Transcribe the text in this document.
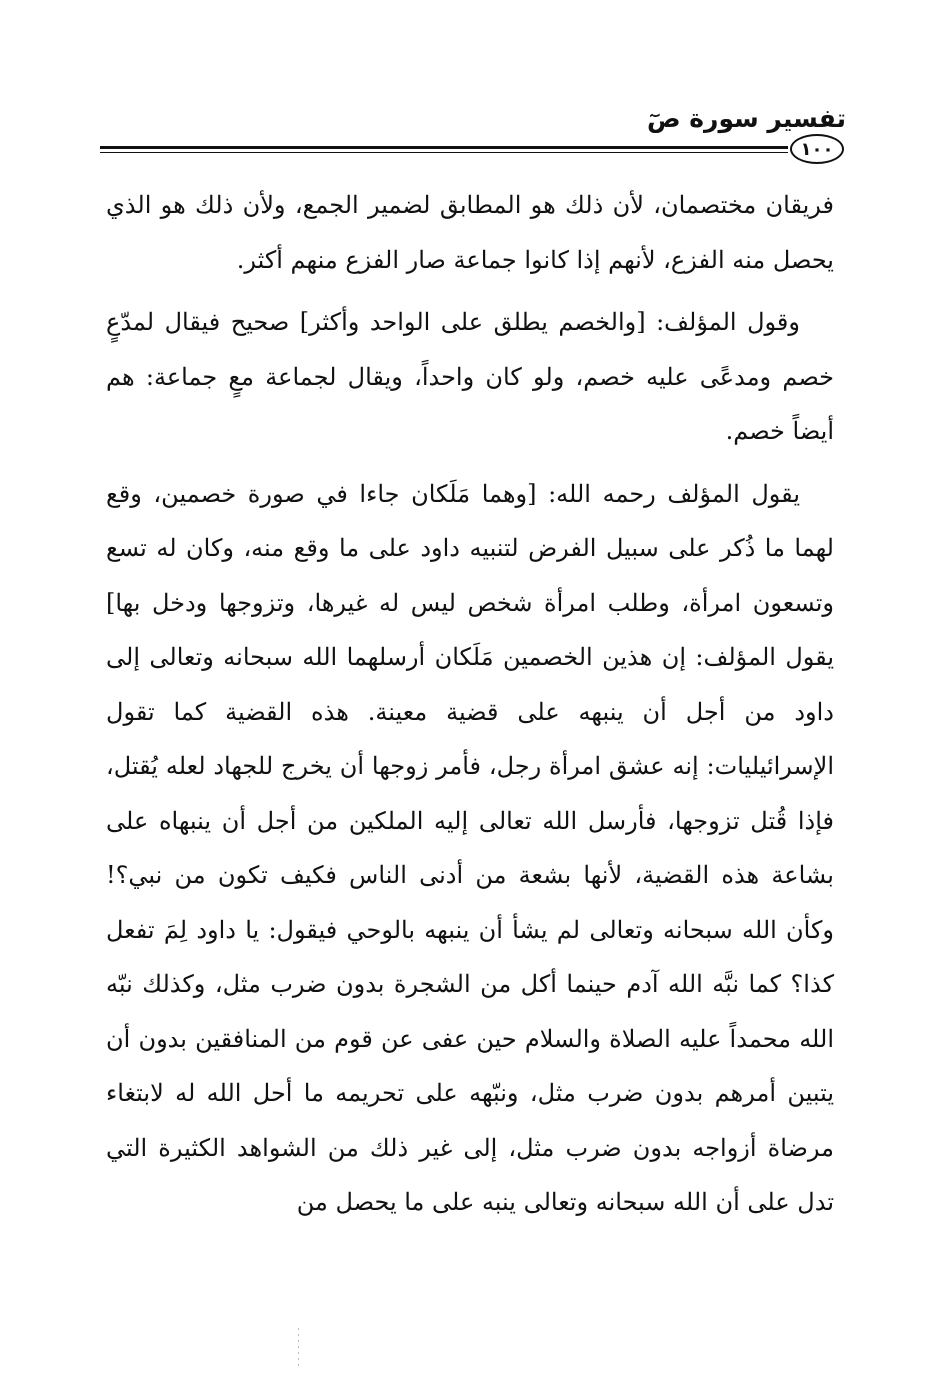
تفسير سورة صٓ
١٠٠

فريقان مختصمان، لأن ذلك هو المطابق لضمير الجمع، ولأن ذلك هو الذي يحصل منه الفزع، لأنهم إذا كانوا جماعة صار الفزع منهم أكثر.

وقول المؤلف: [والخصم يطلق على الواحد وأكثر] صحيح فيقال لمدّعٍ خصم ومدعًى عليه خصم، ولو كان واحداً، ويقال لجماعة معٍ جماعة: هم أيضاً خصم.

يقول المؤلف رحمه الله: [وهما مَلَكان جاءا في صورة خصمين، وقع لهما ما ذُكر على سبيل الفرض لتنبيه داود على ما وقع منه، وكان له تسع وتسعون امرأة، وطلب امرأة شخص ليس له غيرها، وتزوجها ودخل بها] يقول المؤلف: إن هذين الخصمين مَلَكان أرسلهما الله سبحانه وتعالى إلى داود من أجل أن ينبهه على قضية معينة. هذه القضية كما تقول الإسرائيليات: إنه عشق امرأة رجل، فأمر زوجها أن يخرج للجهاد لعله يُقتل، فإذا قُتل تزوجها، فأرسل الله تعالى إليه الملكين من أجل أن ينبهاه على بشاعة هذه القضية، لأنها بشعة من أدنى الناس فكيف تكون من نبي؟! وكأن الله سبحانه وتعالى لم يشأ أن ينبهه بالوحي فيقول: يا داود لِمَ تفعل كذا؟ كما نبَّه الله آدم حينما أكل من الشجرة بدون ضرب مثل، وكذلك نبّه الله محمداً عليه الصلاة والسلام حين عفى عن قوم من المنافقين بدون أن يتبين أمرهم بدون ضرب مثل، ونبّهه على تحريمه ما أحل الله له لابتغاء مرضاة أزواجه بدون ضرب مثل، إلى غير ذلك من الشواهد الكثيرة التي تدل على أن الله سبحانه وتعالى ينبه على ما يحصل من
